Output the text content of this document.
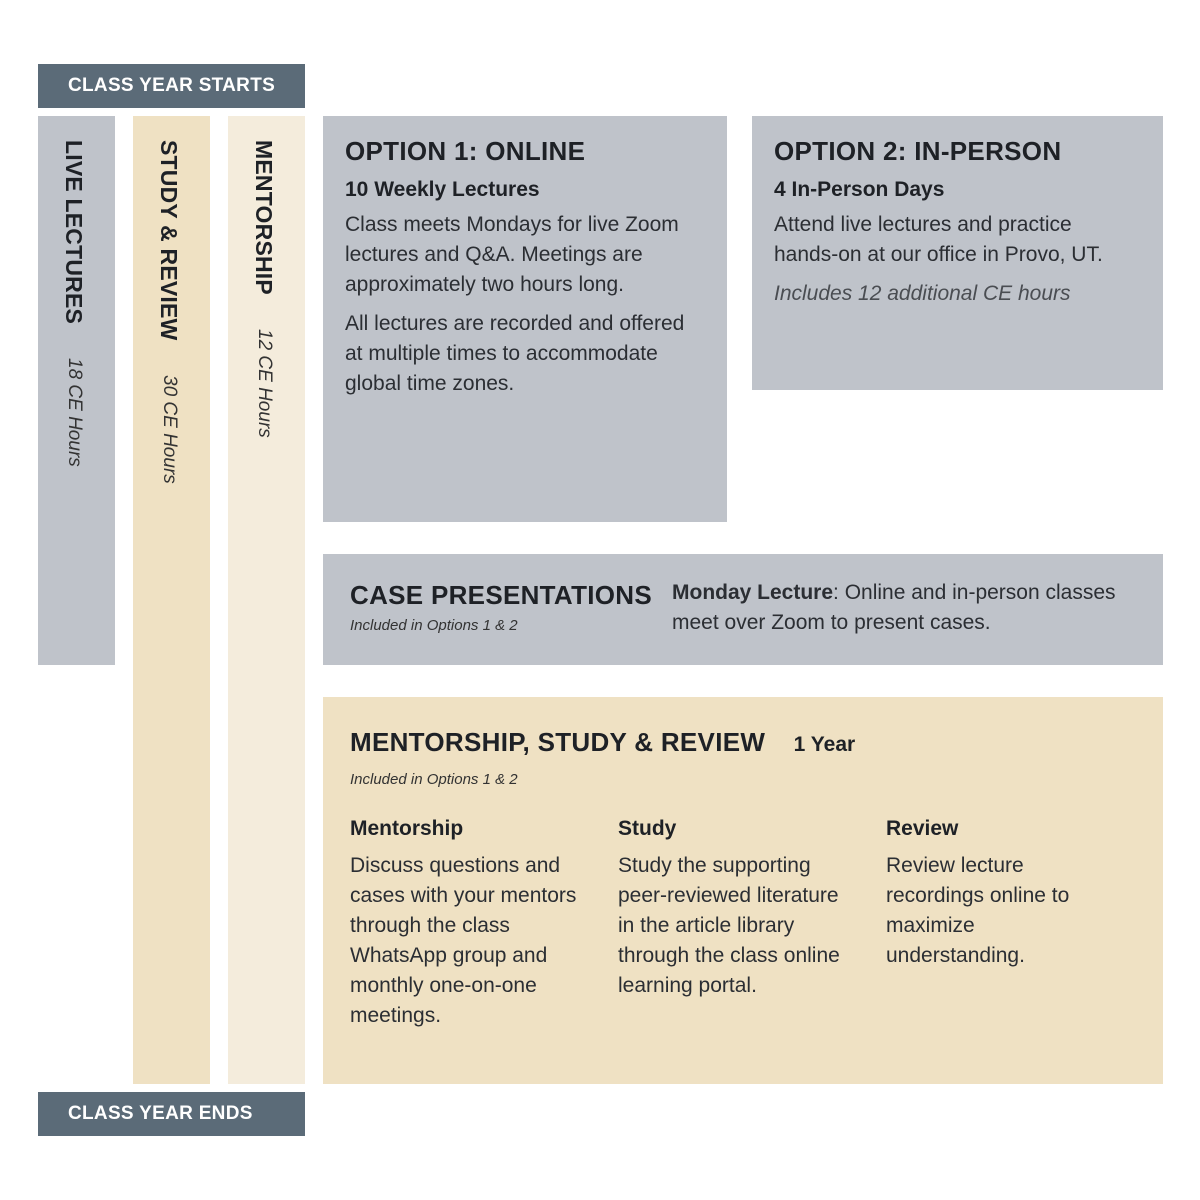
CLASS YEAR STARTS
CLASS YEAR ENDS
LIVE LECTURES 18 CE Hours
STUDY & REVIEW 30 CE Hours
MENTORSHIP 12 CE Hours
OPTION 1: ONLINE
10 Weekly Lectures

Class meets Mondays for live Zoom lectures and Q&A. Meetings are approximately two hours long.

All lectures are recorded and offered at multiple times to accommodate global time zones.

OPTION 2: IN-PERSON
4 In-Person Days

Attend live lectures and practice hands-on at our office in Provo, UT.

Includes 12 additional CE hours

CASE PRESENTATIONS
Included in Options 1 & 2
Monday Lecture: Online and in-person classes meet over Zoom to present cases.
MENTORSHIP, STUDY & REVIEW 1 Year
Included in Options 1 & 2
Mentorship

Discuss questions and cases with your mentors through the class WhatsApp group and monthly one-on-one meetings.

Study

Study the supporting peer-reviewed literature in the article library through the class online learning portal.

Review

Review lecture recordings online to maximize understanding.
